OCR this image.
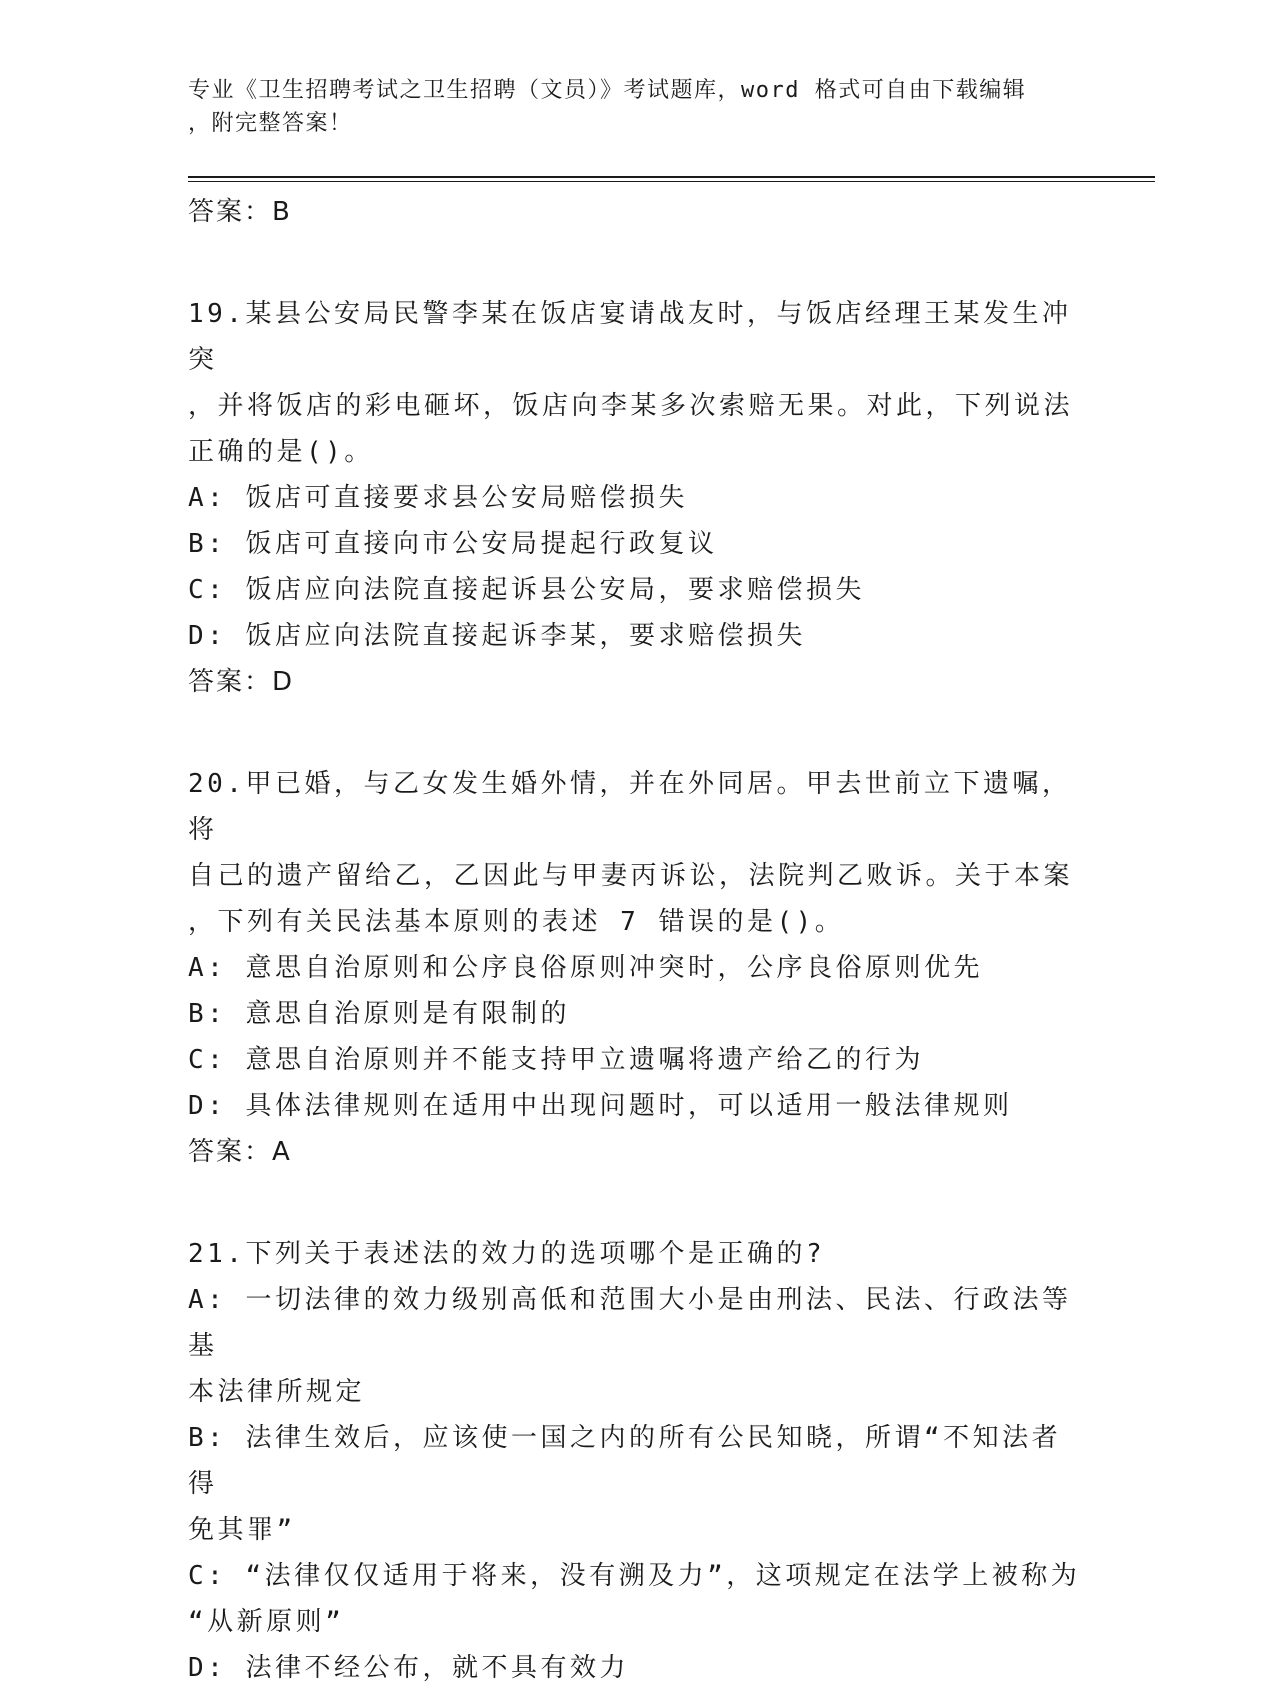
专业《卫生招聘考试之卫生招聘（文员）》考试题库，word 格式可自由下载编辑
，附完整答案！
答案：B
19.某县公安局民警李某在饭店宴请战友时，与饭店经理王某发生冲突
，并将饭店的彩电砸坏，饭店向李某多次索赔无果。对此，下列说法
正确的是()。
A: 饭店可直接要求县公安局赔偿损失
B: 饭店可直接向市公安局提起行政复议
C: 饭店应向法院直接起诉县公安局，要求赔偿损失
D: 饭店应向法院直接起诉李某，要求赔偿损失
答案：D
20.甲已婚，与乙女发生婚外情，并在外同居。甲去世前立下遗嘱，将
自己的遗产留给乙，乙因此与甲妻丙诉讼，法院判乙败诉。关于本案
，下列有关民法基本原则的表述 7 错误的是()。
A: 意思自治原则和公序良俗原则冲突时，公序良俗原则优先
B: 意思自治原则是有限制的
C: 意思自治原则并不能支持甲立遗嘱将遗产给乙的行为
D: 具体法律规则在适用中出现问题时，可以适用一般法律规则
答案：A
21.下列关于表述法的效力的选项哪个是正确的?
A: 一切法律的效力级别高低和范围大小是由刑法、民法、行政法等基
本法律所规定
B: 法律生效后，应该使一国之内的所有公民知晓，所谓“不知法者得
免其罪”
C: “法律仅仅适用于将来，没有溯及力”，这项规定在法学上被称为
“从新原则”
D: 法律不经公布，就不具有效力
